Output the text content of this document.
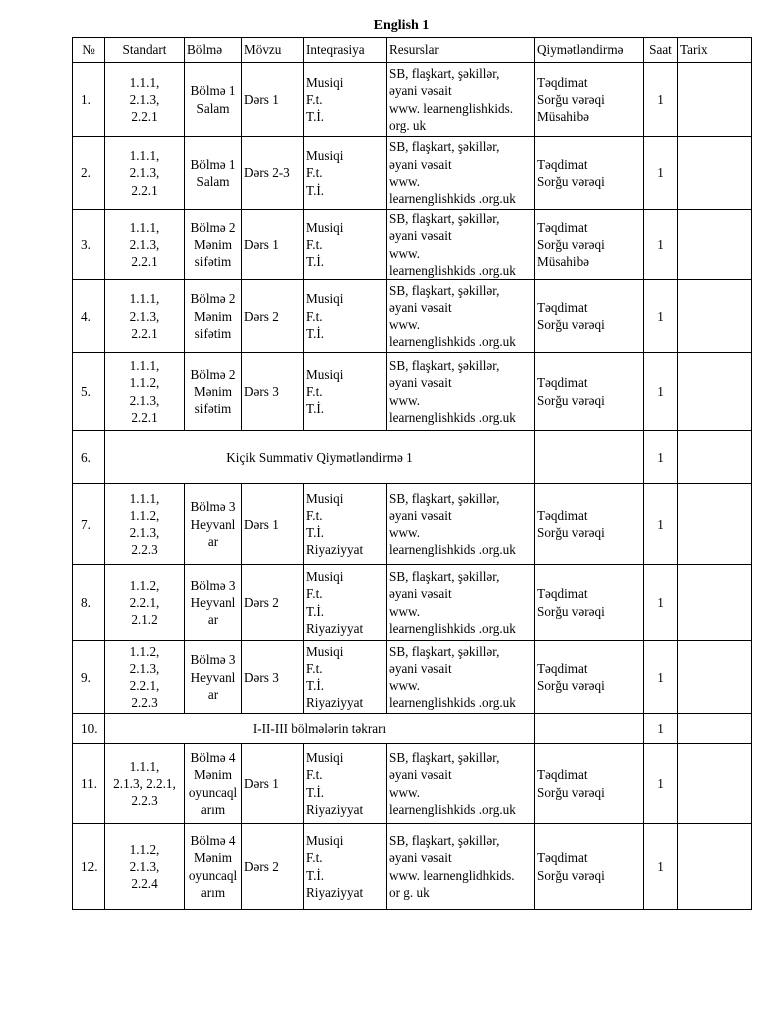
English 1
№	Standart	Bölmə	Mövzu	Inteqrasiya	Resurslar	Qiymətləndirmə	Saat	Tarix
1.	1.1.1,
2.1.3,
2.2.1	Bölmə 1
Salam	Dərs 1	Musiqi
F.t.
T.İ.	SB, flaşkart, şəkillər,
əyani vəsait
www. learnenglishkids.
org. uk	Təqdimat
Sorğu vərəqi
Müsahibə	1	
2.	1.1.1,
2.1.3,
2.2.1	Bölmə 1
Salam	Dərs 2-3	Musiqi
F.t.
T.İ.	SB, flaşkart, şəkillər,
əyani vəsait
www.
learnenglishkids .org.uk	Təqdimat
Sorğu vərəqi	1	
3.	1.1.1,
2.1.3,
2.2.1	Bölmə 2
Mənim
sifətim	Dərs 1	Musiqi
F.t.
T.İ.	SB, flaşkart, şəkillər,
əyani vəsait
www.
learnenglishkids .org.uk	Təqdimat
Sorğu vərəqi
Müsahibə	1	
4.	1.1.1,
2.1.3,
2.2.1	Bölmə 2
Mənim
sifətim	Dərs 2	Musiqi
F.t.
T.İ.	SB, flaşkart, şəkillər,
əyani vəsait
www.
learnenglishkids .org.uk	Təqdimat
Sorğu vərəqi	1	
5.	1.1.1,
1.1.2,
2.1.3,
2.2.1	Bölmə 2
Mənim
sifətim	Dərs 3	Musiqi
F.t.
T.İ.	SB, flaşkart, şəkillər,
əyani vəsait
www.
learnenglishkids .org.uk	Təqdimat
Sorğu vərəqi	1	
6.	Kiçik Summativ Qiymətləndirmə 1						1	
7.	1.1.1,
1.1.2,
2.1.3,
2.2.3	Bölmə 3
Heyvanl
ar	Dərs 1	Musiqi
F.t.
T.İ.
Riyaziyyat	SB, flaşkart, şəkillər,
əyani vəsait
www.
learnenglishkids .org.uk	Təqdimat
Sorğu vərəqi	1	
8.	1.1.2,
2.2.1,
2.1.2	Bölmə 3
Heyvanl
ar	Dərs 2	Musiqi
F.t.
T.İ.
Riyaziyyat	SB, flaşkart, şəkillər,
əyani vəsait
www.
learnenglishkids .org.uk	Təqdimat
Sorğu vərəqi	1	
9.	1.1.2,
2.1.3,
2.2.1,
2.2.3	Bölmə 3
Heyvanl
ar	Dərs 3	Musiqi
F.t.
T.İ.
Riyaziyyat	SB, flaşkart, şəkillər,
əyani vəsait
www.
learnenglishkids .org.uk	Təqdimat
Sorğu vərəqi	1	
10.	I-II-III bölmələrin təkrarı						1	
11.	1.1.1,
2.1.3, 2.2.1,
2.2.3	Bölmə 4
Mənim
oyuncaql
arım	Dərs 1	Musiqi
F.t.
T.İ.
Riyaziyyat	SB, flaşkart, şəkillər,
əyani vəsait
www.
learnenglishkids .org.uk	Təqdimat
Sorğu vərəqi	1	
12.	1.1.2,
2.1.3,
2.2.4	Bölmə 4
Mənim
oyuncaql
arım	Dərs 2	Musiqi
F.t.
T.İ.
Riyaziyyat	SB, flaşkart, şəkillər,
əyani vəsait
www. learnenglidhkids.
or g. uk	Təqdimat
Sorğu vərəqi	1	
